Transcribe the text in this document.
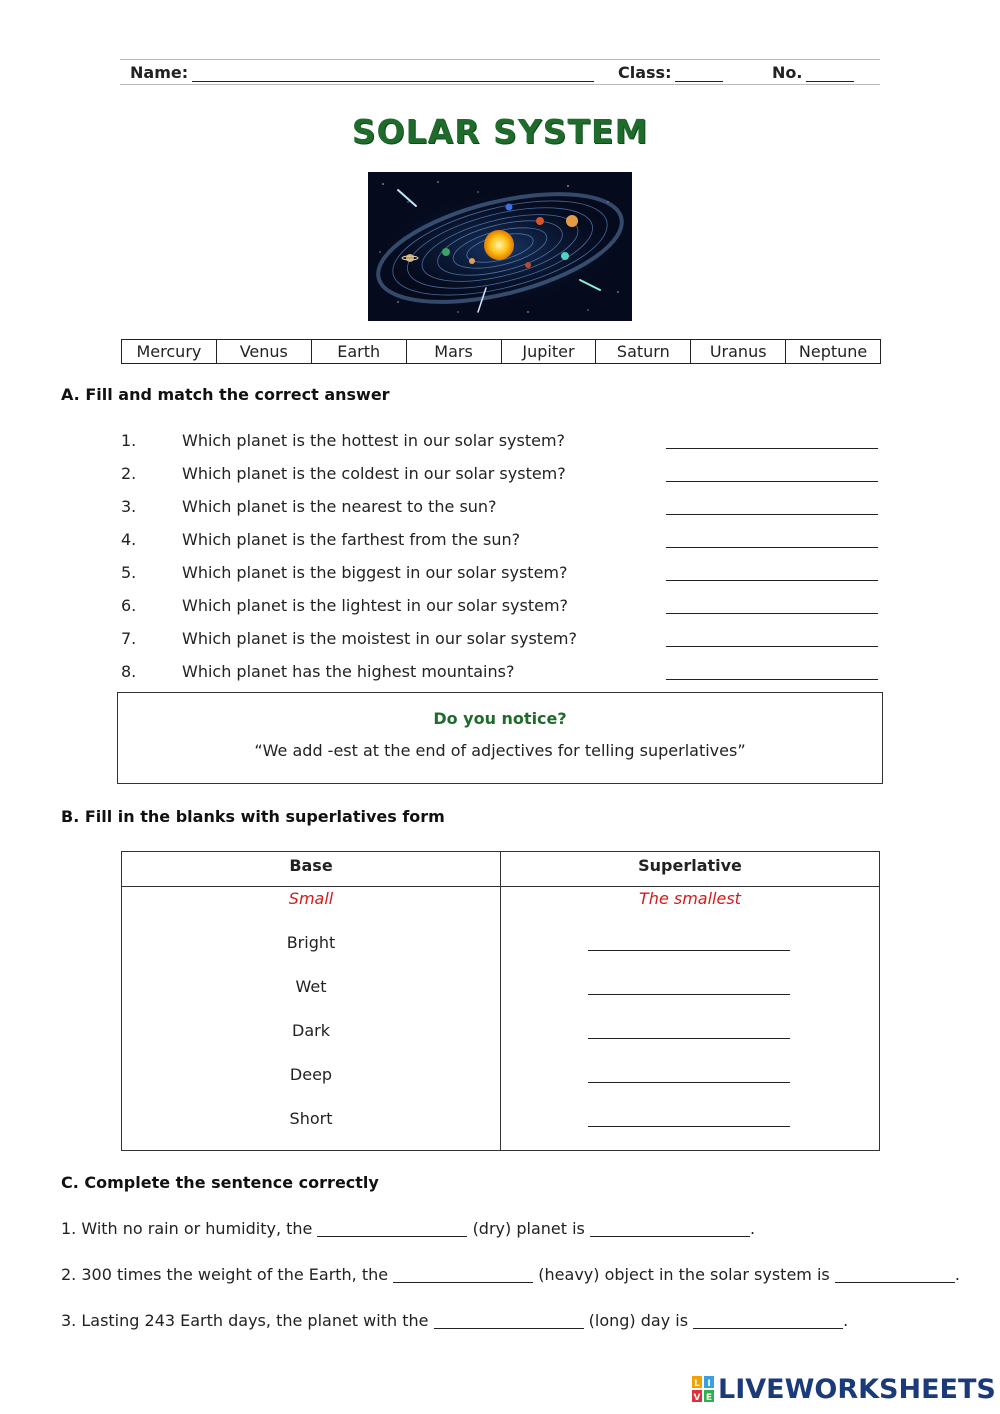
Name:	Class:	No.
SOLAR SYSTEM
Mercury	Venus	Earth	Mars	Jupiter	Saturn	Uranus	Neptune
A. Fill and match the correct answer
1.	Which planet is the hottest in our solar system?
2.	Which planet is the coldest in our solar system?
3.	Which planet is the nearest to the sun?
4.	Which planet is the farthest from the sun?
5.	Which planet is the biggest in our solar system?
6.	Which planet is the lightest in our solar system?
7.	Which planet is the moistest in our solar system?
8.	Which planet has the highest mountains?
Do you notice?
“We add -est at the end of adjectives for telling superlatives”
B. Fill in the blanks with superlatives form
Base	Superlative
Small	The smallest
Bright
Wet
Dark
Deep
Short
C. Complete the sentence correctly
1. With no rain or humidity, the	(dry) planet is	.
2. 300 times the weight of the Earth, the	(heavy) object in the solar system is	.
3. Lasting 243 Earth days, the planet with the	(long) day is	.
L I
V E LIVEWORKSHEETS
